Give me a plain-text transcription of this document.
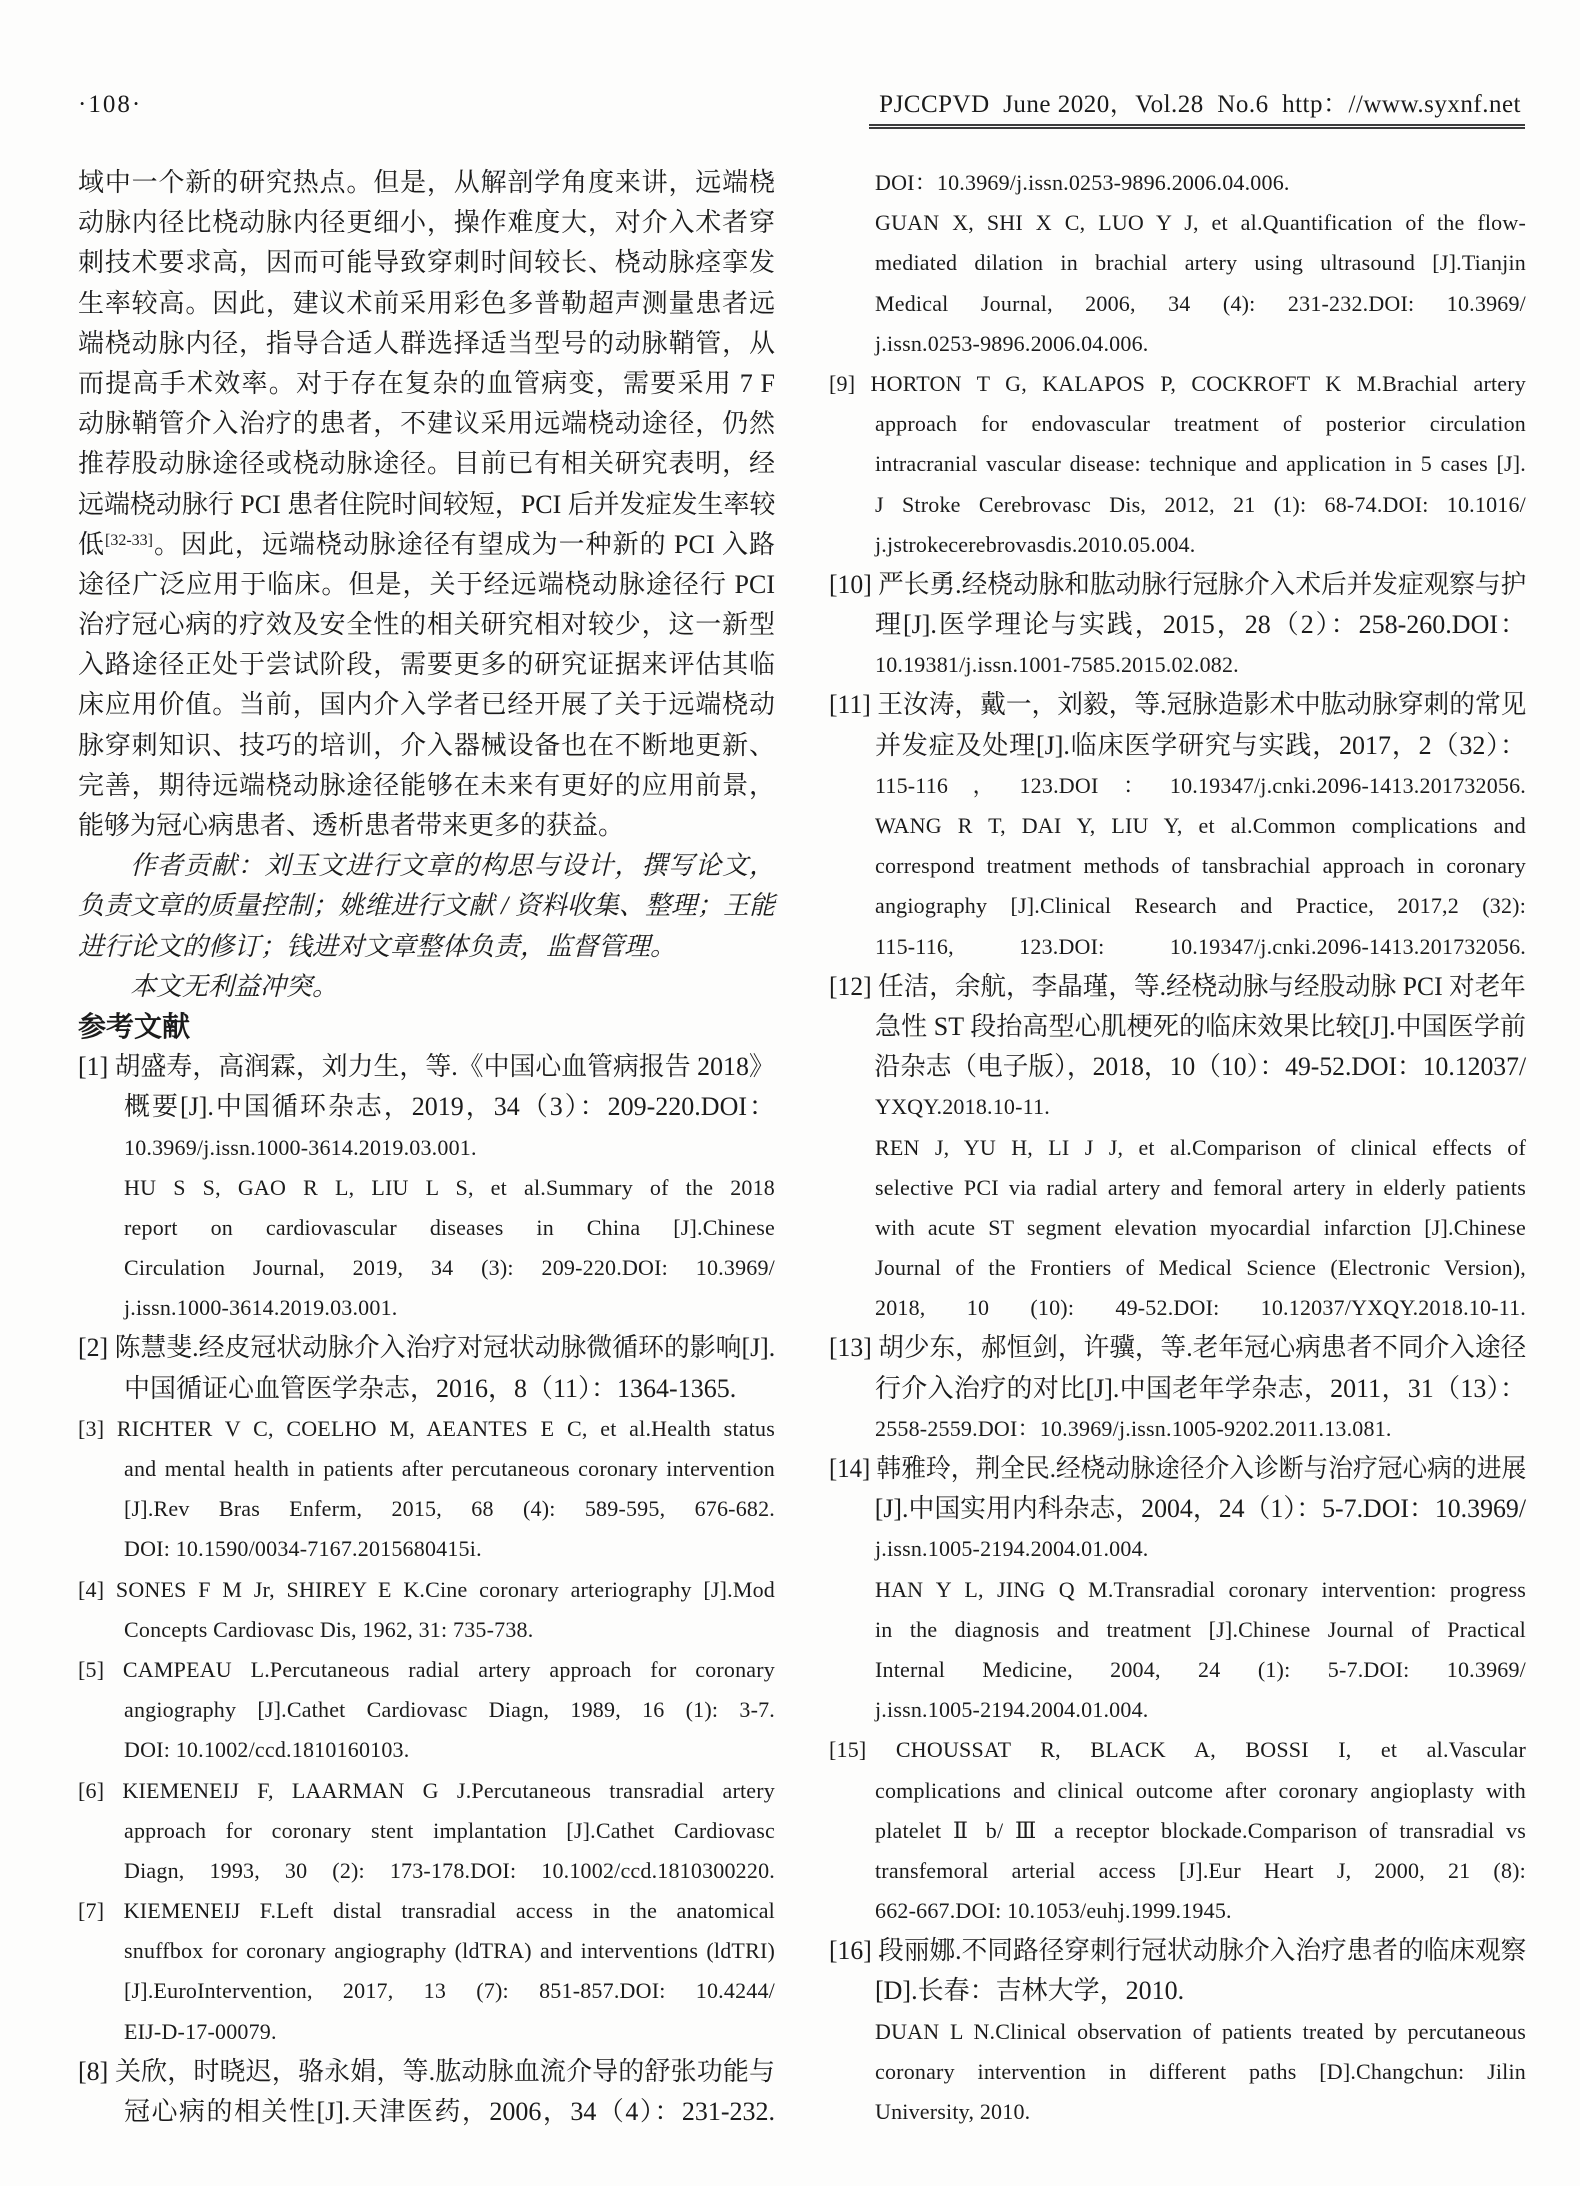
·108·	PJCCPVD  June 2020，Vol.28  No.6  http：//www.syxnf.net
域中一个新的研究热点。但是，从解剖学角度来讲，远端桡
动脉内径比桡动脉内径更细小，操作难度大，对介入术者穿
刺技术要求高，因而可能导致穿刺时间较长、桡动脉痉挛发
生率较高。因此，建议术前采用彩色多普勒超声测量患者远
端桡动脉内径，指导合适人群选择适当型号的动脉鞘管，从
而提高手术效率。对于存在复杂的血管病变，需要采用 7 F
动脉鞘管介入治疗的患者，不建议采用远端桡动途径，仍然
推荐股动脉途径或桡动脉途径。目前已有相关研究表明，经
远端桡动脉行 PCI 患者住院时间较短，PCI 后并发症发生率较
低[32-33]。因此，远端桡动脉途径有望成为一种新的 PCI 入路
途径广泛应用于临床。但是，关于经远端桡动脉途径行 PCI
治疗冠心病的疗效及安全性的相关研究相对较少，这一新型
入路途径正处于尝试阶段，需要更多的研究证据来评估其临
床应用价值。当前，国内介入学者已经开展了关于远端桡动
脉穿刺知识、技巧的培训，介入器械设备也在不断地更新、
完善，期待远端桡动脉途径能够在未来有更好的应用前景，
能够为冠心病患者、透析患者带来更多的获益。
作者贡献：刘玉文进行文章的构思与设计，撰写论文，
负责文章的质量控制；姚维进行文献 / 资料收集、整理；王能
进行论文的修订；钱进对文章整体负责，监督管理。
本文无利益冲突。
参考文献
[1] 胡盛寿，高润霖，刘力生，等.《中国心血管病报告 2018》
概要[J].中国循环杂志，2019，34（3）：209-220.DOI：
10.3969/j.issn.1000-3614.2019.03.001.
HU S S, GAO R L, LIU L S, et al.Summary of the 2018
report on cardiovascular diseases in China [J].Chinese
Circulation Journal, 2019, 34 (3): 209-220.DOI: 10.3969/
j.issn.1000-3614.2019.03.001.
[2] 陈慧斐.经皮冠状动脉介入治疗对冠状动脉微循环的影响[J].
中国循证心血管医学杂志，2016，8（11）：1364-1365.
[3] RICHTER V C, COELHO M, AEANTES E C, et al.Health status
and mental health in patients after percutaneous coronary intervention
[J].Rev Bras Enferm, 2015, 68 (4): 589-595, 676-682.
DOI: 10.1590/0034-7167.2015680415i.
[4] SONES F M Jr, SHIREY E K.Cine coronary arteriography [J].Mod
Concepts Cardiovasc Dis, 1962, 31: 735-738.
[5] CAMPEAU L.Percutaneous radial artery approach for coronary
angiography [J].Cathet Cardiovasc Diagn, 1989, 16 (1): 3-7.
DOI: 10.1002/ccd.1810160103.
[6] KIEMENEIJ F, LAARMAN G J.Percutaneous transradial artery
approach for coronary stent implantation [J].Cathet Cardiovasc
Diagn, 1993, 30 (2): 173-178.DOI: 10.1002/ccd.1810300220.
[7] KIEMENEIJ F.Left distal transradial access in the anatomical
snuffbox for coronary angiography (ldTRA) and interventions (ldTRI)
[J].EuroIntervention, 2017, 13 (7): 851-857.DOI: 10.4244/
EIJ-D-17-00079.
[8] 关欣，时晓迟，骆永娟，等.肱动脉血流介导的舒张功能与
冠心病的相关性[J].天津医药，2006，34（4）：231-232.
DOI：10.3969/j.issn.0253-9896.2006.04.006.
GUAN X, SHI X C, LUO Y J, et al.Quantification of the flow-
mediated dilation in brachial artery using ultrasound [J].Tianjin
Medical Journal, 2006, 34 (4): 231-232.DOI: 10.3969/
j.issn.0253-9896.2006.04.006.
[9] HORTON T G, KALAPOS P, COCKROFT K M.Brachial artery
approach for endovascular treatment of posterior circulation
intracranial vascular disease: technique and application in 5 cases [J].
J Stroke Cerebrovasc Dis, 2012, 21 (1): 68-74.DOI: 10.1016/
j.jstrokecerebrovasdis.2010.05.004.
[10] 严长勇.经桡动脉和肱动脉行冠脉介入术后并发症观察与护
理[J].医学理论与实践，2015，28（2）：258-260.DOI：
10.19381/j.issn.1001-7585.2015.02.082.
[11] 王汝涛，戴一，刘毅，等.冠脉造影术中肱动脉穿刺的常见
并发症及处理[J].临床医学研究与实践，2017，2（32）：
115-116，123.DOI：10.19347/j.cnki.2096-1413.201732056.
WANG R T, DAI Y, LIU Y, et al.Common complications and
correspond treatment methods of tansbrachial approach in coronary
angiography [J].Clinical Research and Practice, 2017,2 (32):
115-116, 123.DOI: 10.19347/j.cnki.2096-1413.201732056.
[12] 任洁，余航，李晶瑾，等.经桡动脉与经股动脉 PCI 对老年
急性 ST 段抬高型心肌梗死的临床效果比较[J].中国医学前
沿杂志（电子版），2018，10（10）：49-52.DOI：10.12037/
YXQY.2018.10-11.
REN J, YU H, LI J J, et al.Comparison of clinical effects of
selective PCI via radial artery and femoral artery in elderly patients
with acute ST segment elevation myocardial infarction [J].Chinese
Journal of the Frontiers of Medical Science (Electronic Version),
2018, 10 (10): 49-52.DOI: 10.12037/YXQY.2018.10-11.
[13] 胡少东，郝恒剑，许骥，等.老年冠心病患者不同介入途径
行介入治疗的对比[J].中国老年学杂志，2011，31（13）：
2558-2559.DOI：10.3969/j.issn.1005-9202.2011.13.081.
[14] 韩雅玲，荆全民.经桡动脉途径介入诊断与治疗冠心病的进展
[J].中国实用内科杂志，2004，24（1）：5-7.DOI：10.3969/
j.issn.1005-2194.2004.01.004.
HAN Y L, JING Q M.Transradial coronary intervention: progress
in the diagnosis and treatment [J].Chinese Journal of Practical
Internal Medicine, 2004, 24 (1): 5-7.DOI: 10.3969/
j.issn.1005-2194.2004.01.004.
[15] CHOUSSAT R, BLACK A, BOSSI I, et al.Vascular
complications and clinical outcome after coronary angioplasty with
platelet Ⅱ b/ Ⅲ a receptor blockade.Comparison of transradial vs
transfemoral arterial access [J].Eur Heart J, 2000, 21 (8):
662-667.DOI: 10.1053/euhj.1999.1945.
[16] 段丽娜.不同路径穿刺行冠状动脉介入治疗患者的临床观察
[D].长春：吉林大学，2010.
DUAN L N.Clinical observation of patients treated by percutaneous
coronary intervention in different paths [D].Changchun: Jilin
University, 2010.
